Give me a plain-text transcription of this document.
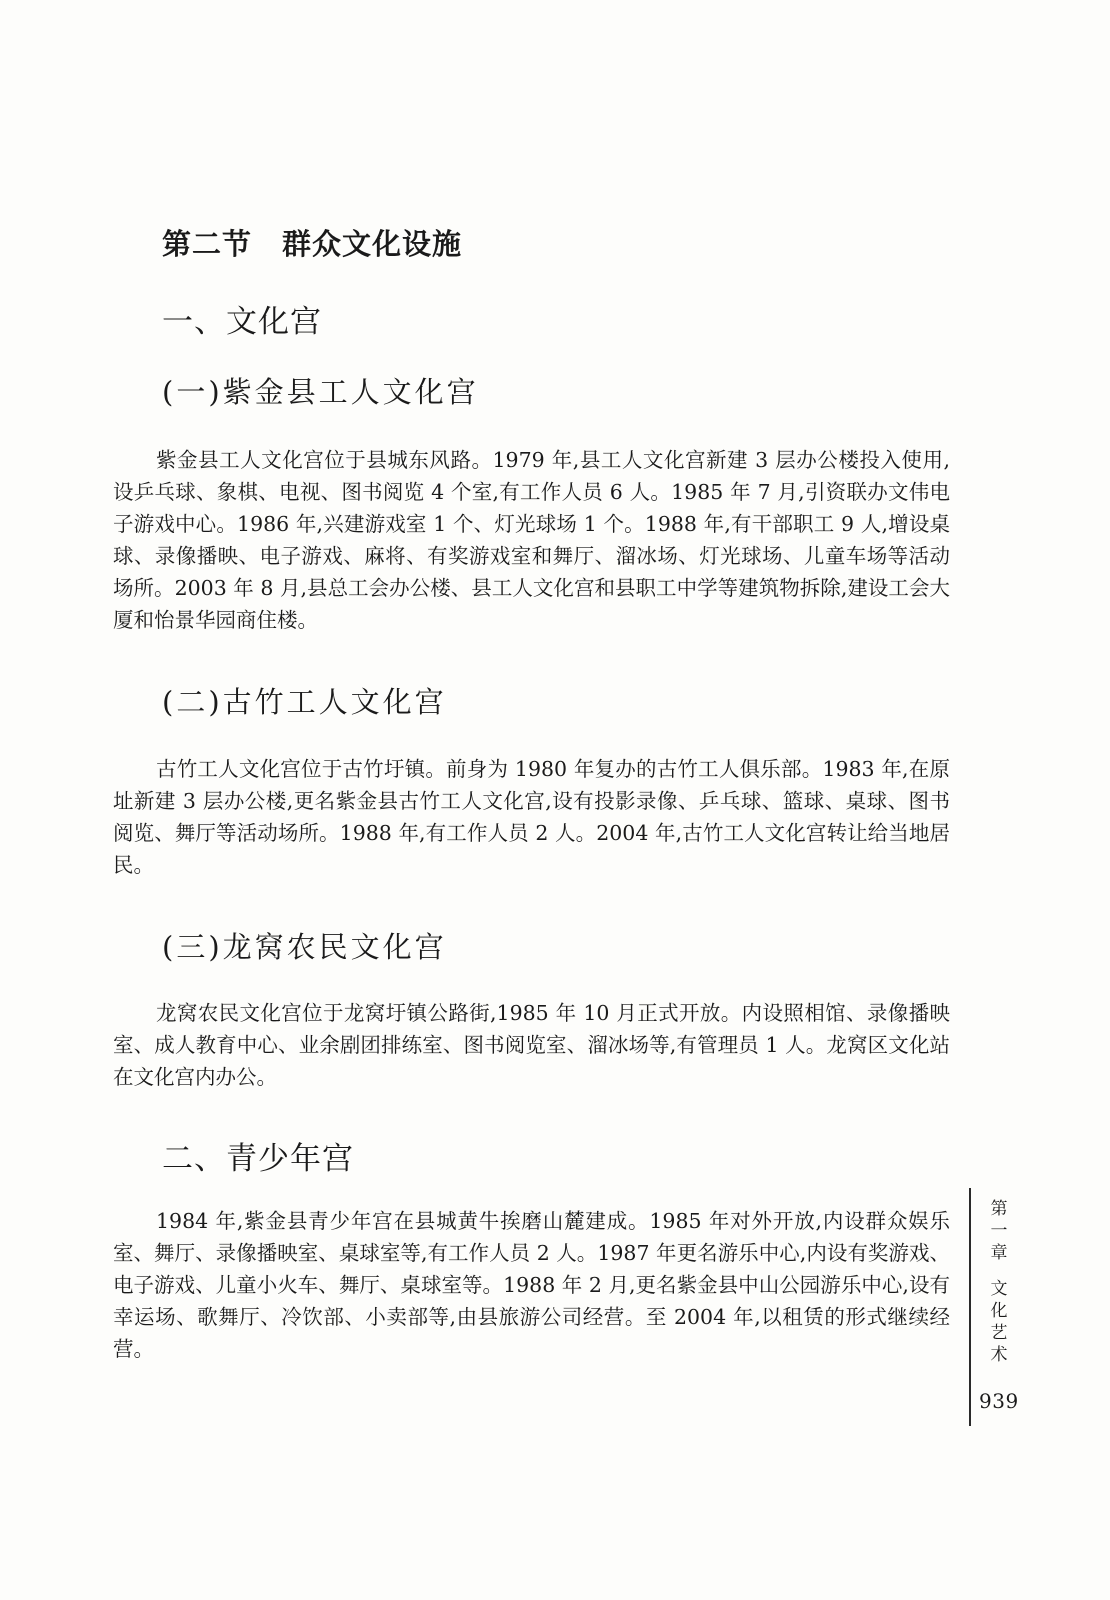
第二节　群众文化设施
一、文化宫
(一)紫金县工人文化宫

紫金县工人文化宫位于县城东风路。1979 年,县工人文化宫新建 3 层办公楼投入使用,设乒乓球、象棋、电视、图书阅览 4 个室,有工作人员 6 人。1985 年 7 月,引资联办文伟电子游戏中心。1986 年,兴建游戏室 1 个、灯光球场 1 个。1988 年,有干部职工 9 人,增设桌球、录像播映、电子游戏、麻将、有奖游戏室和舞厅、溜冰场、灯光球场、儿童车场等活动场所。2003 年 8 月,县总工会办公楼、县工人文化宫和县职工中学等建筑物拆除,建设工会大厦和怡景华园商住楼。

(二)古竹工人文化宫

古竹工人文化宫位于古竹圩镇。前身为 1980 年复办的古竹工人俱乐部。1983 年,在原址新建 3 层办公楼,更名紫金县古竹工人文化宫,设有投影录像、乒乓球、篮球、桌球、图书阅览、舞厅等活动场所。1988 年,有工作人员 2 人。2004 年,古竹工人文化宫转让给当地居民。

(三)龙窝农民文化宫

龙窝农民文化宫位于龙窝圩镇公路街,1985 年 10 月正式开放。内设照相馆、录像播映室、成人教育中心、业余剧团排练室、图书阅览室、溜冰场等,有管理员 1 人。龙窝区文化站在文化宫内办公。

二、青少年宫

1984 年,紫金县青少年宫在县城黄牛挨磨山麓建成。1985 年对外开放,内设群众娱乐室、舞厅、录像播映室、桌球室等,有工作人员 2 人。1987 年更名游乐中心,内设有奖游戏、电子游戏、儿童小火车、舞厅、桌球室等。1988 年 2 月,更名紫金县中山公园游乐中心,设有幸运场、歌舞厅、冷饮部、小卖部等,由县旅游公司经营。至 2004 年,以租赁的形式继续经营。

第一章
文化艺术
939
